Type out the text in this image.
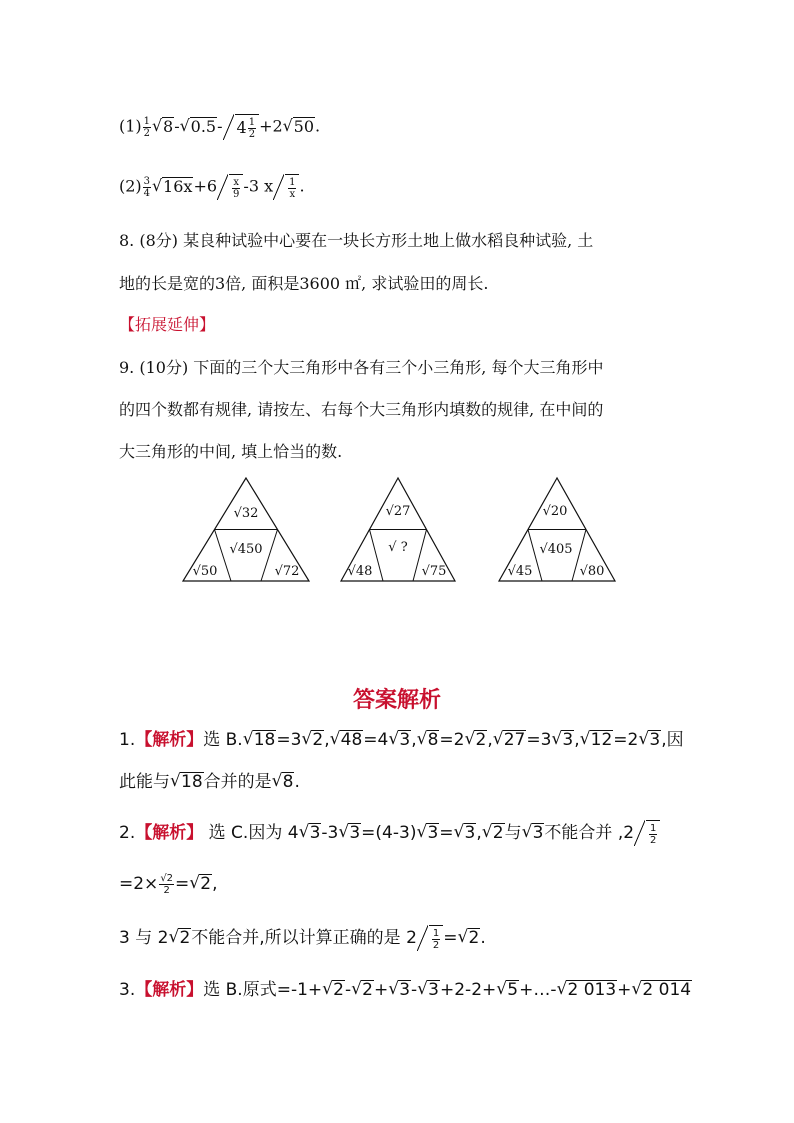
$(1) \frac{1}{2}$
√ 8-√ 0.5- $4 \frac{1}{2} +2√$ 50.
$(2) \frac{3}{4}$
√ $16x+6 \frac{x}{9} -3$ x $\frac{1}{x}$ .
8. (8分) 某良种试验中心要在一块长方形土地上做水稻良种试验, 土
地的长是宽的3倍, 面积是3600 ㎡, 求试验田的周长.
【拓展延伸】
9. (10分) 下面的三个大三角形中各有三个小三角形, 每个大三角形中
的四个数都有规律, 请按左、右每个大三角形内填数的规律, 在中间的
大三角形的中间, 填上恰当的数.
√32
√450
√50	√72
√27
√ ?
√48	√75
√20
√405
√45	√80
答案解析
1.【解析】选 B.√ 18=3√ 2,√ 48=4√ 3,√ 8=2√ 2,√ 27=3√ 3,√ 12=2√ 3,因
此能与√ 18合并的是√ 8.
2.【解析】 选 C.因为 4√ 3-3√ 3=(4-3)√ 3=√ 3,√ 2与√ 3不能合并 $,2 \frac{1}{2}$
$=2\times \frac{√2}{2}$ =√ 2,
3 与 2√ 2不能合并,所以计算正确的是 $2 \frac{1}{2}$ =√ 2.
3.【解析】选 B.原式=-1+√ 2-√ 2+√ 3-√ 3+2-2+√ 5+…-√ 2 013+√ 2 014
